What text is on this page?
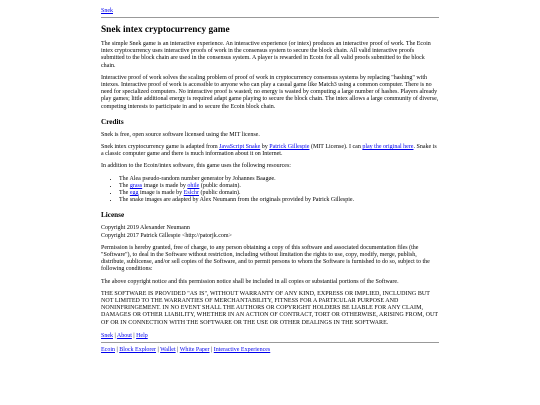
Snek
Snek intex cryptocurrency game

The simple Snek game is an interactive experience. An interactive experience (or intex) produces an interactive proof of work. The Ecoin intex cryptocurrency uses interactive proofs of work in the consensus system to secure the block chain. All valid interactive proofs submitted to the block chain are used in the consensus system. A player is rewarded in Ecoin for all valid proofs submitted to the block chain.

Interactive proof of work solves the scaling problem of proof of work in cryptocurrency consensus systems by replacing "hashing" with intexes. Interactive proof of work is accessible to anyone who can play a casual game like Match3 using a common computer. There is no need for specialized computers. No interactive proof is wasted; no energy is wasted by computing a large number of hashes. Players already play games; little additional energy is required adapt game playing to secure the block chain. The intex allows a large community of diverse, competing interests to participate in and to secure the Ecoin block chain.

Credits

Snek is free, open source software licensed using the MIT license.

Snek intex cryptocurrency game is adapted from JavaScript Snake by Patrick Gillespie (MIT License). I can play the original here. Snake is a classic computer game and there is much information about it on Internet.

In addition to the Ecoin/intex software, this game uses the following resources:

• The Alea pseudo-random number generator by Johannes Baagøe.
• The grass image is made by ohile (public domain).
• The egg image is made by Eslchr (public domain).
• The snake images are adapted by Alex Neumann from the originals provided by Patrick Gillespie.
License

Copyright 2019 Alexander Neumann
Copyright 2017 Patrick Gillespie <http://patorjk.com>

Permission is hereby granted, free of charge, to any person obtaining a copy of this software and associated documentation files (the "Software"), to deal in the Software without restriction, including without limitation the rights to use, copy, modify, merge, publish, distribute, sublicense, and/or sell copies of the Software, and to permit persons to whom the Software is furnished to do so, subject to the following conditions:

The above copyright notice and this permission notice shall be included in all copies or substantial portions of the Software.

THE SOFTWARE IS PROVIDED "AS IS", WITHOUT WARRANTY OF ANY KIND, EXPRESS OR IMPLIED, INCLUDING BUT NOT LIMITED TO THE WARRANTIES OF MERCHANTABILITY, FITNESS FOR A PARTICULAR PURPOSE AND NONINFRINGEMENT. IN NO EVENT SHALL THE AUTHORS OR COPYRIGHT HOLDERS BE LIABLE FOR ANY CLAIM, DAMAGES OR OTHER LIABILITY, WHETHER IN AN ACTION OF CONTRACT, TORT OR OTHERWISE, ARISING FROM, OUT OF OR IN CONNECTION WITH THE SOFTWARE OR THE USE OR OTHER DEALINGS IN THE SOFTWARE.

Snek | About | Help
Ecoin | Block Explorer | Wallet | White Paper | Interactive Experiences
